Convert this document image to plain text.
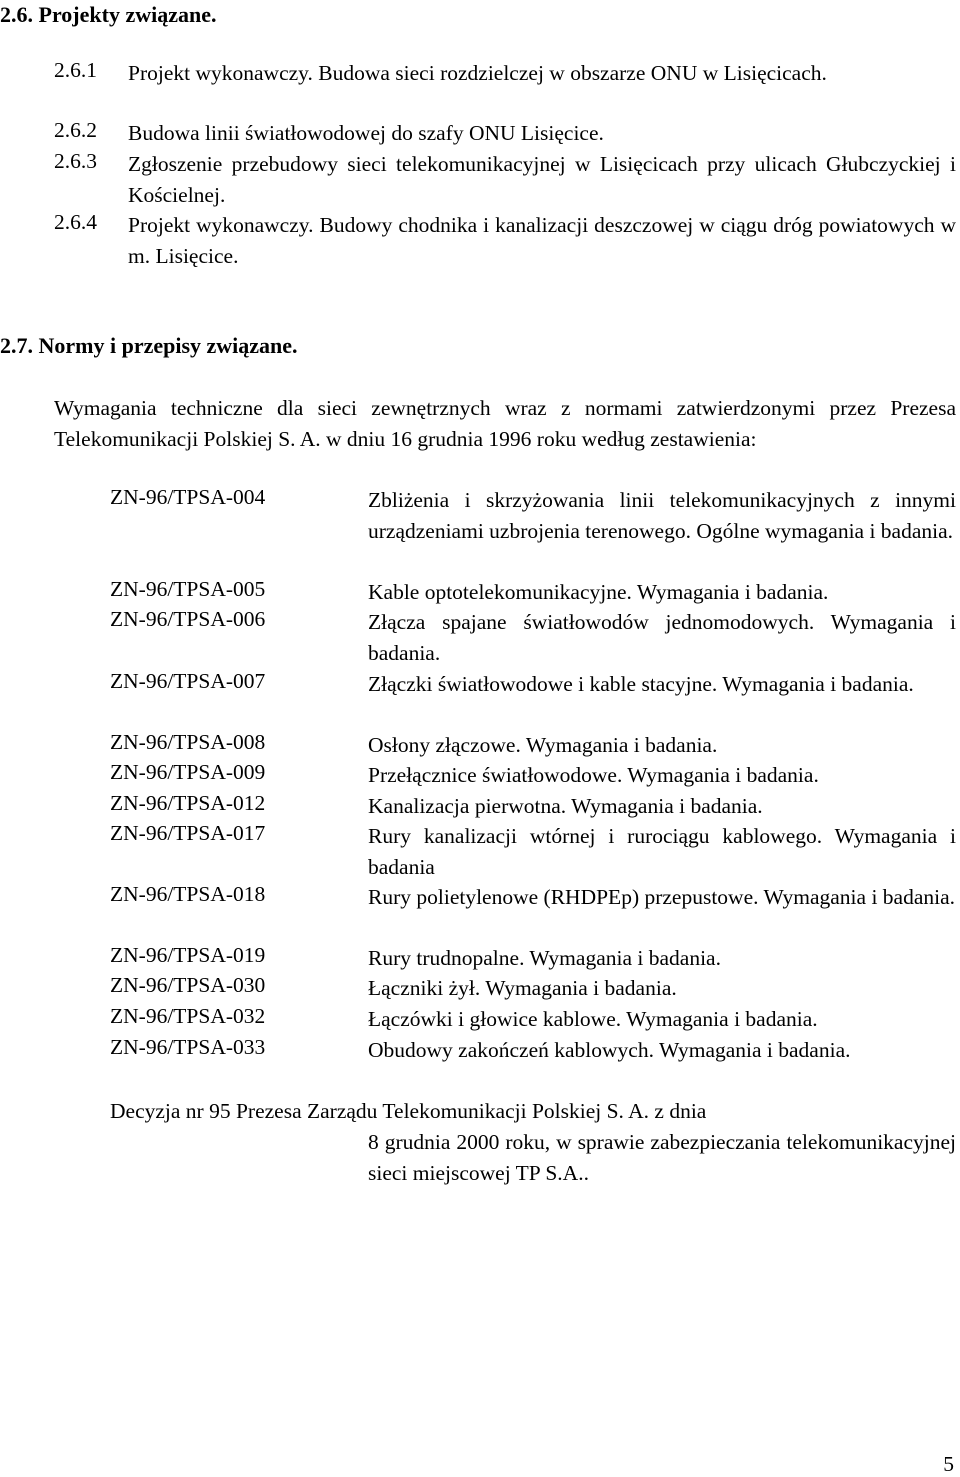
2.6. Projekty związane.
2.6.1 Projekt wykonawczy. Budowa sieci rozdzielczej w obszarze ONU w Lisięcicach.
2.6.2 Budowa linii światłowodowej do szafy ONU Lisięcice.
2.6.3 Zgłoszenie przebudowy sieci telekomunikacyjnej w Lisięcicach przy ulicach Głubczyckiej i Kościelnej.
2.6.4 Projekt wykonawczy. Budowy chodnika i kanalizacji deszczowej w ciągu dróg powiatowych w m. Lisięcice.
2.7. Normy i przepisy związane.
Wymagania techniczne dla sieci zewnętrznych wraz z normami zatwierdzonymi przez Prezesa Telekomunikacji Polskiej S. A. w dniu 16 grudnia 1996 roku według zestawienia:
ZN-96/TPSA-004	Zbliżenia i skrzyżowania linii telekomunikacyjnych z innymi urządzeniami uzbrojenia terenowego. Ogólne wymagania i badania.
ZN-96/TPSA-005	Kable optotelekomunikacyjne. Wymagania i badania.
ZN-96/TPSA-006	Złącza spajane światłowodów jednomodowych. Wymagania i badania.
ZN-96/TPSA-007	Złączki światłowodowe i kable stacyjne. Wymagania i badania.
ZN-96/TPSA-008	Osłony złączowe. Wymagania i badania.
ZN-96/TPSA-009	Przełącznice światłowodowe. Wymagania i badania.
ZN-96/TPSA-012	Kanalizacja pierwotna. Wymagania i badania.
ZN-96/TPSA-017	Rury kanalizacji wtórnej i rurociągu kablowego. Wymagania i badania
ZN-96/TPSA-018	Rury polietylenowe (RHDPEp) przepustowe. Wymagania i badania.
ZN-96/TPSA-019	Rury trudnopalne. Wymagania i badania.
ZN-96/TPSA-030	Łączniki żył. Wymagania i badania.
ZN-96/TPSA-032	Łączówki i głowice kablowe. Wymagania i badania.
ZN-96/TPSA-033	Obudowy zakończeń kablowych. Wymagania i badania.
Decyzja nr 95 Prezesa Zarządu Telekomunikacji Polskiej S. A. z dnia
8 grudnia 2000 roku, w sprawie zabezpieczania telekomunikacyjnej sieci miejscowej TP S.A..
5
